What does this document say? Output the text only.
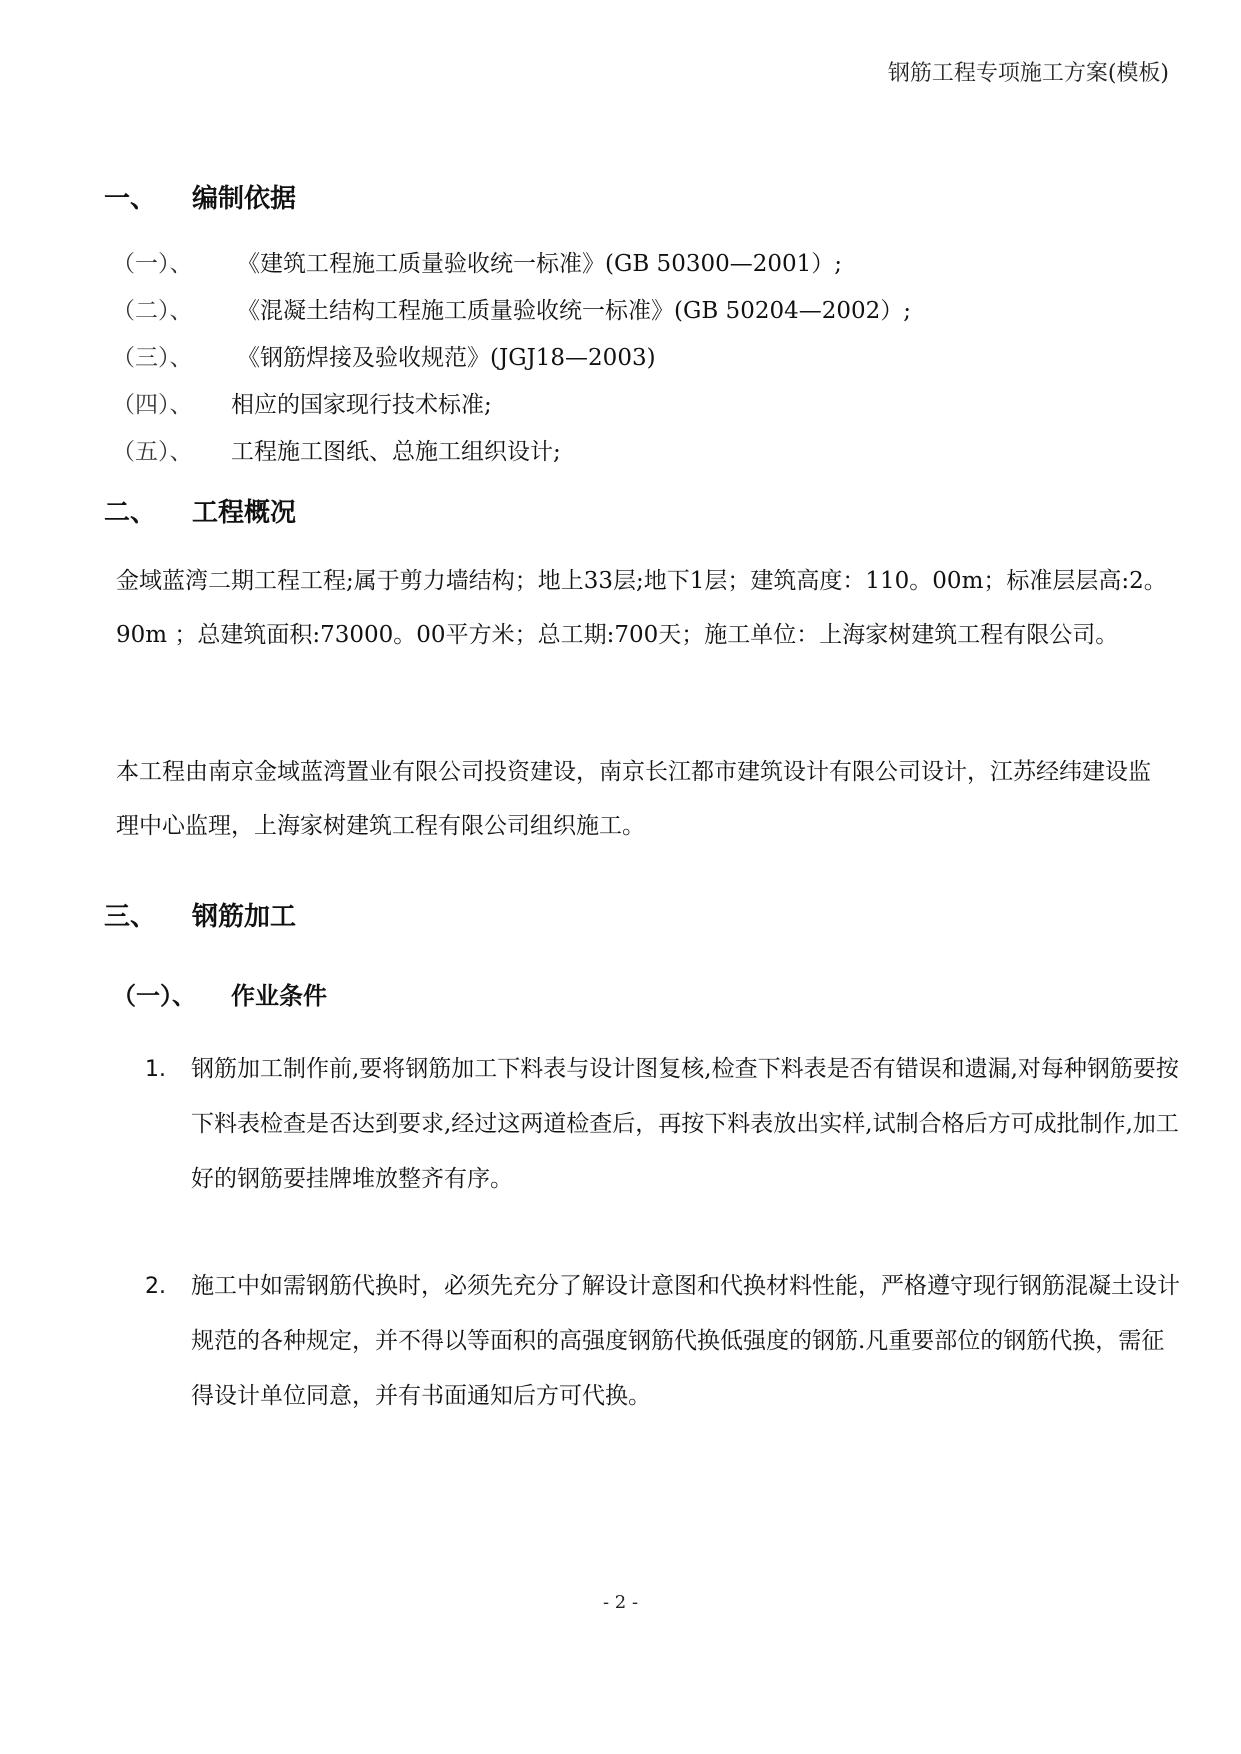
钢筋工程专项施工方案(模板)
一、 编制依据
（一）、 《建筑工程施工质量验收统一标准》(GB 50300—2001）;
（二）、 《混凝土结构工程施工质量验收统一标准》(GB 50204—2002）;
（三）、 《钢筋焊接及验收规范》(JGJ18—2003)
（四）、 相应的国家现行技术标准;
（五）、 工程施工图纸、总施工组织设计;
二、 工程概况
金域蓝湾二期工程工程;属于剪力墙结构；地上33层;地下1层；建筑高度：110。00m；标准层层高:2。90m ；总建筑面积:73000。00平方米；总工期:700天；施工单位：上海家树建筑工程有限公司。
本工程由南京金域蓝湾置业有限公司投资建设，南京长江都市建筑设计有限公司设计，江苏经纬建设监理中心监理，上海家树建筑工程有限公司组织施工。
三、 钢筋加工
（一）、 作业条件
1.	钢筋加工制作前,要将钢筋加工下料表与设计图复核,检查下料表是否有错误和遗漏,对每种钢筋要按下料表检查是否达到要求,经过这两道检查后，再按下料表放出实样,试制合格后方可成批制作,加工好的钢筋要挂牌堆放整齐有序。
2.	施工中如需钢筋代换时，必须先充分了解设计意图和代换材料性能，严格遵守现行钢筋混凝土设计规范的各种规定，并不得以等面积的高强度钢筋代换低强度的钢筋.凡重要部位的钢筋代换，需征得设计单位同意，并有书面通知后方可代换。
- 2 -
